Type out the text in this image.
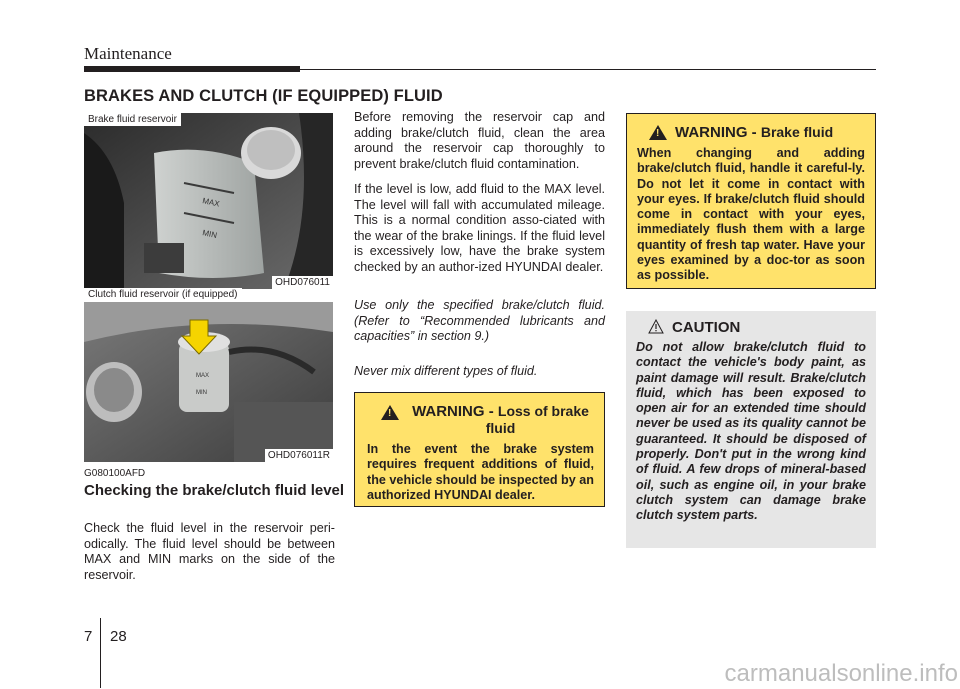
Maintenance
BRAKES AND CLUTCH (IF EQUIPPED) FLUID
MAX
MIN
Brake fluid reservoir
OHD076011
Clutch fluid reservoir (if equipped)
MAX
MIN
OHD076011R
G080100AFD
Checking the brake/clutch fluid level
Check the fluid level in the reservoir peri-odically. The fluid level should be between MAX and MIN marks on the side of the reservoir.
Before removing the reservoir cap and adding brake/clutch fluid, clean the area around the reservoir cap thoroughly to prevent brake/clutch fluid contamination.
If the level is low, add fluid to the MAX level. The level will fall with accumulated mileage. This is a normal condition asso-ciated with the wear of the brake linings. If the fluid level is excessively low, have the brake system checked by an author-ized HYUNDAI dealer.
Use only the specified brake/clutch fluid. (Refer to “Recommended lubricants and capacities” in section 9.)
Never mix different types of fluid.
!
WARNING - Loss of brake fluid
In the event the brake system requires frequent additions of fluid, the vehicle should be inspected by an authorized HYUNDAI dealer.
!
WARNING - Brake fluid
When changing and adding brake/clutch fluid, handle it careful-ly. Do not let it come in contact with your eyes. If brake/clutch fluid should come in contact with your eyes, immediately flush them with a large quantity of fresh tap water. Have your eyes examined by a doc-tor as soon as possible.
CAUTION
Do not allow brake/clutch fluid to contact the vehicle's body paint, as paint damage will result. Brake/clutch fluid, which has been exposed to open air for an extended time should never be used as its quality cannot be guaranteed. It should be disposed of properly. Don't put in the wrong kind of fluid. A few drops of mineral-based oil, such as engine oil, in your brake clutch system can damage brake clutch system parts.
7 28
carmanualsonline.info
